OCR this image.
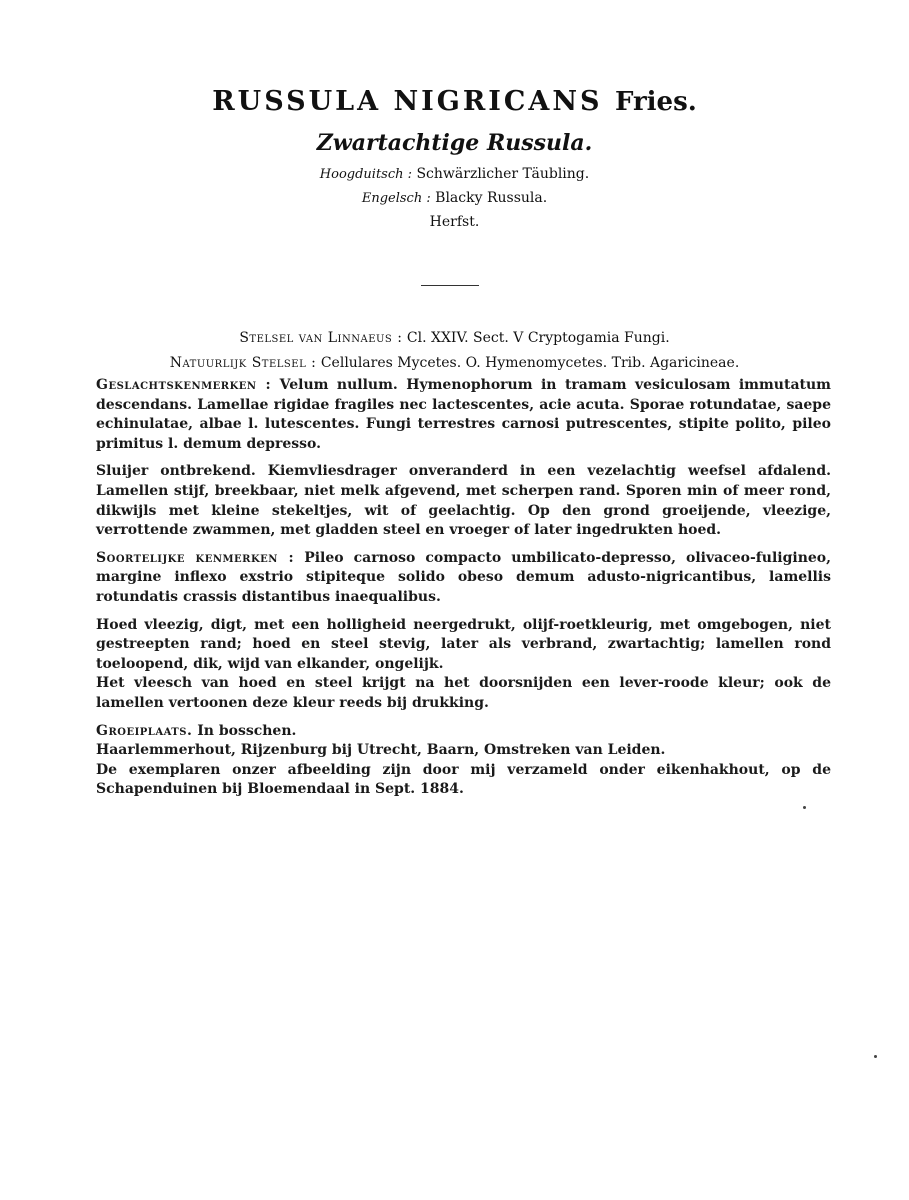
RUSSULA NIGRICANS Fries.
Zwartachtige Russula.
Hoogduitsch : Schwärzlicher Täubling.
Engelsch : Blacky Russula.
Herfst.
Stelsel van Linnaeus : Cl. XXIV. Sect. V Cryptogamia Fungi.
Natuurlijk Stelsel : Cellulares Mycetes. O. Hymenomycetes. Trib. Agaricineae.

Geslachtskenmerken : Velum nullum. Hymenophorum in tramam vesiculosam immutatum descendans. Lamellae rigidae fragiles nec lactescentes, acie acuta. Sporae rotundatae, saepe echinulatae, albae l. lutescentes. Fungi terrestres carnosi putrescentes, stipite polito, pileo primitus l. demum depresso.

Sluijer ontbrekend. Kiemvliesdrager onveranderd in een vezelachtig weefsel afdalend. Lamellen stijf, breekbaar, niet melk afgevend, met scherpen rand. Sporen min of meer rond, dikwijls met kleine stekeltjes, wit of geelachtig. Op den grond groeijende, vleezige, verrottende zwammen, met gladden steel en vroeger of later ingedrukten hoed.

Soortelijke kenmerken : Pileo carnoso compacto umbilicato-depresso, olivaceo-fuligineo, margine inflexo exstrio stipiteque solido obeso demum adusto-nigricantibus, lamellis rotundatis crassis distantibus inaequalibus.

Hoed vleezig, digt, met een holligheid neergedrukt, olijf-roetkleurig, met omgebogen, niet gestreepten rand; hoed en steel stevig, later als verbrand, zwartachtig; lamellen rond toeloopend, dik, wijd van elkander, ongelijk.

Het vleesch van hoed en steel krijgt na het doorsnijden een lever-roode kleur; ook de lamellen vertoonen deze kleur reeds bij drukking.

Groeiplaats. In bosschen.

Haarlemmerhout, Rijzenburg bij Utrecht, Baarn, Omstreken van Leiden.

De exemplaren onzer afbeelding zijn door mij verzameld onder eikenhakhout, op de Schapenduinen bij Bloemendaal in Sept. 1884.
